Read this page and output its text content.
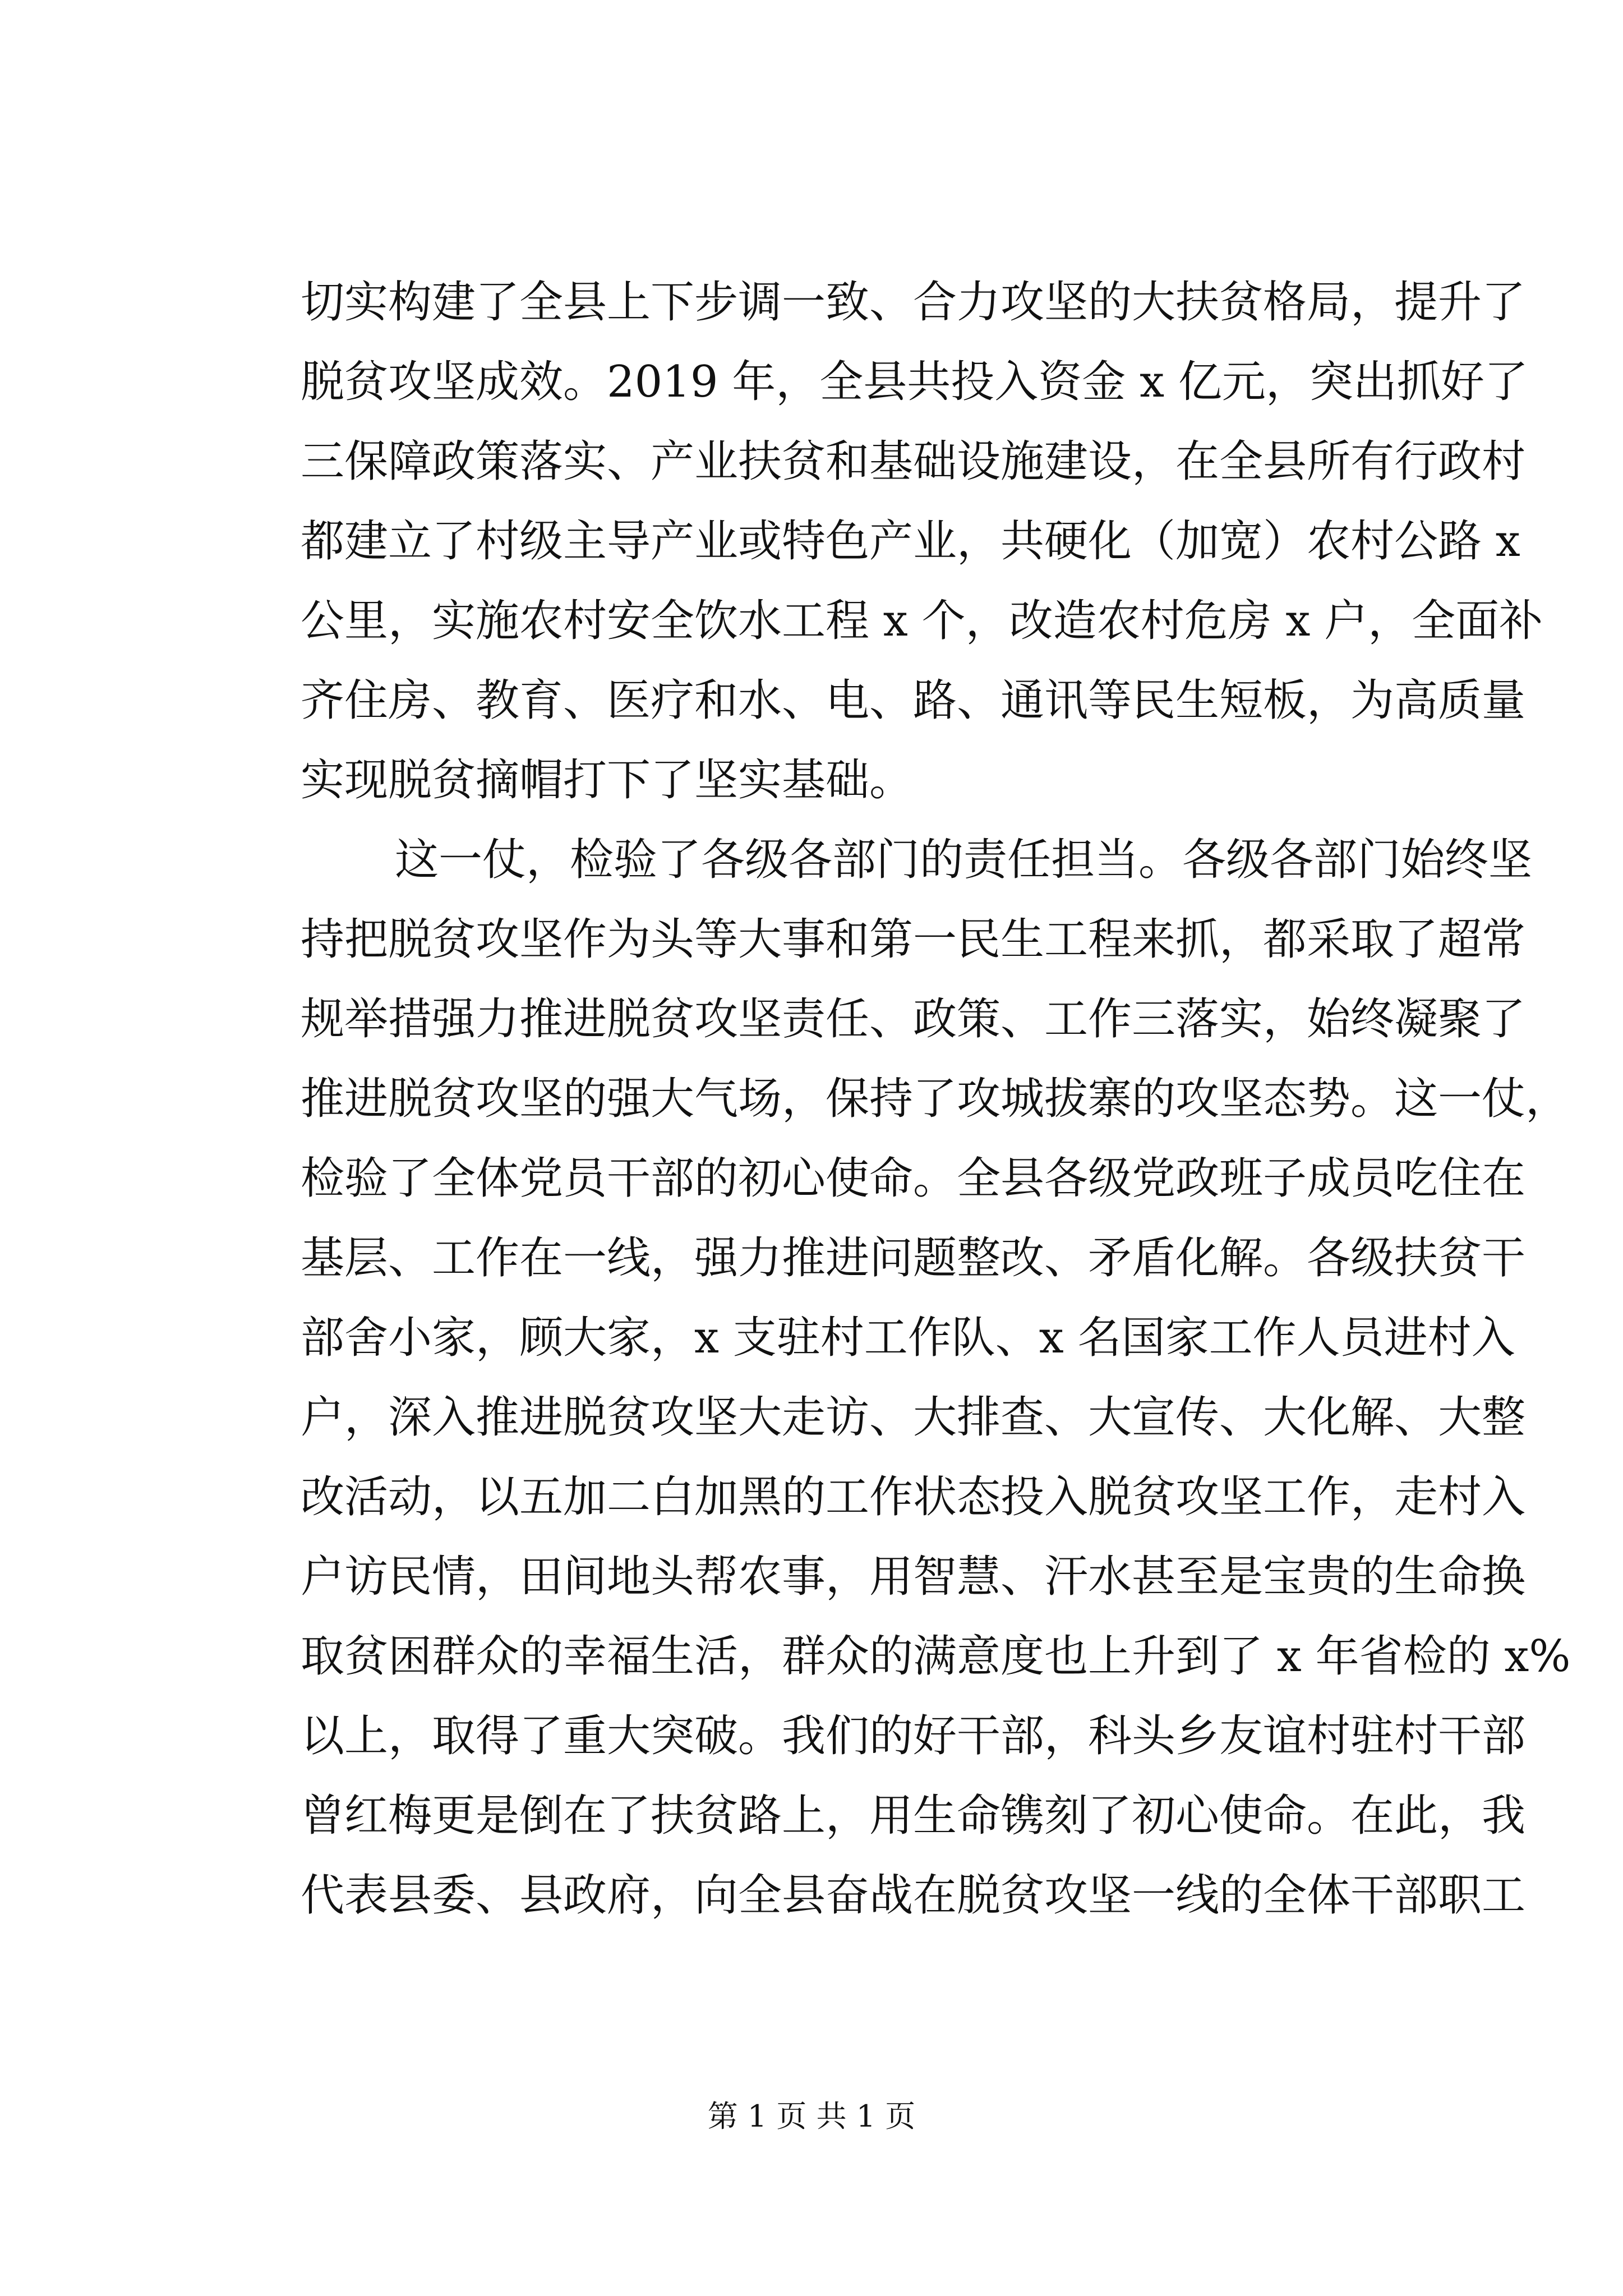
切实构建了全县上下步调一致、合力攻坚的大扶贫格局，提升了
脱贫攻坚成效。2019 年，全县共投入资金 x 亿元，突出抓好了
三保障政策落实、产业扶贫和基础设施建设，在全县所有行政村
都建立了村级主导产业或特色产业，共硬化（加宽）农村公路 x
公里，实施农村安全饮水工程 x 个，改造农村危房 x 户，全面补
齐住房、教育、医疗和水、电、路、通讯等民生短板，为高质量
实现脱贫摘帽打下了坚实基础。
这一仗，检验了各级各部门的责任担当。各级各部门始终坚
持把脱贫攻坚作为头等大事和第一民生工程来抓，都采取了超常
规举措强力推进脱贫攻坚责任、政策、工作三落实，始终凝聚了
推进脱贫攻坚的强大气场，保持了攻城拔寨的攻坚态势。这一仗，
检验了全体党员干部的初心使命。全县各级党政班子成员吃住在
基层、工作在一线，强力推进问题整改、矛盾化解。各级扶贫干
部舍小家，顾大家，x 支驻村工作队、x 名国家工作人员进村入
户，深入推进脱贫攻坚大走访、大排查、大宣传、大化解、大整
改活动，以五加二白加黑的工作状态投入脱贫攻坚工作，走村入
户访民情，田间地头帮农事，用智慧、汗水甚至是宝贵的生命换
取贫困群众的幸福生活，群众的满意度也上升到了 x 年省检的 x%
以上，取得了重大突破。我们的好干部，科头乡友谊村驻村干部
曾红梅更是倒在了扶贫路上，用生命镌刻了初心使命。在此，我
代表县委、县政府，向全县奋战在脱贫攻坚一线的全体干部职工
第 1 页 共 1 页
